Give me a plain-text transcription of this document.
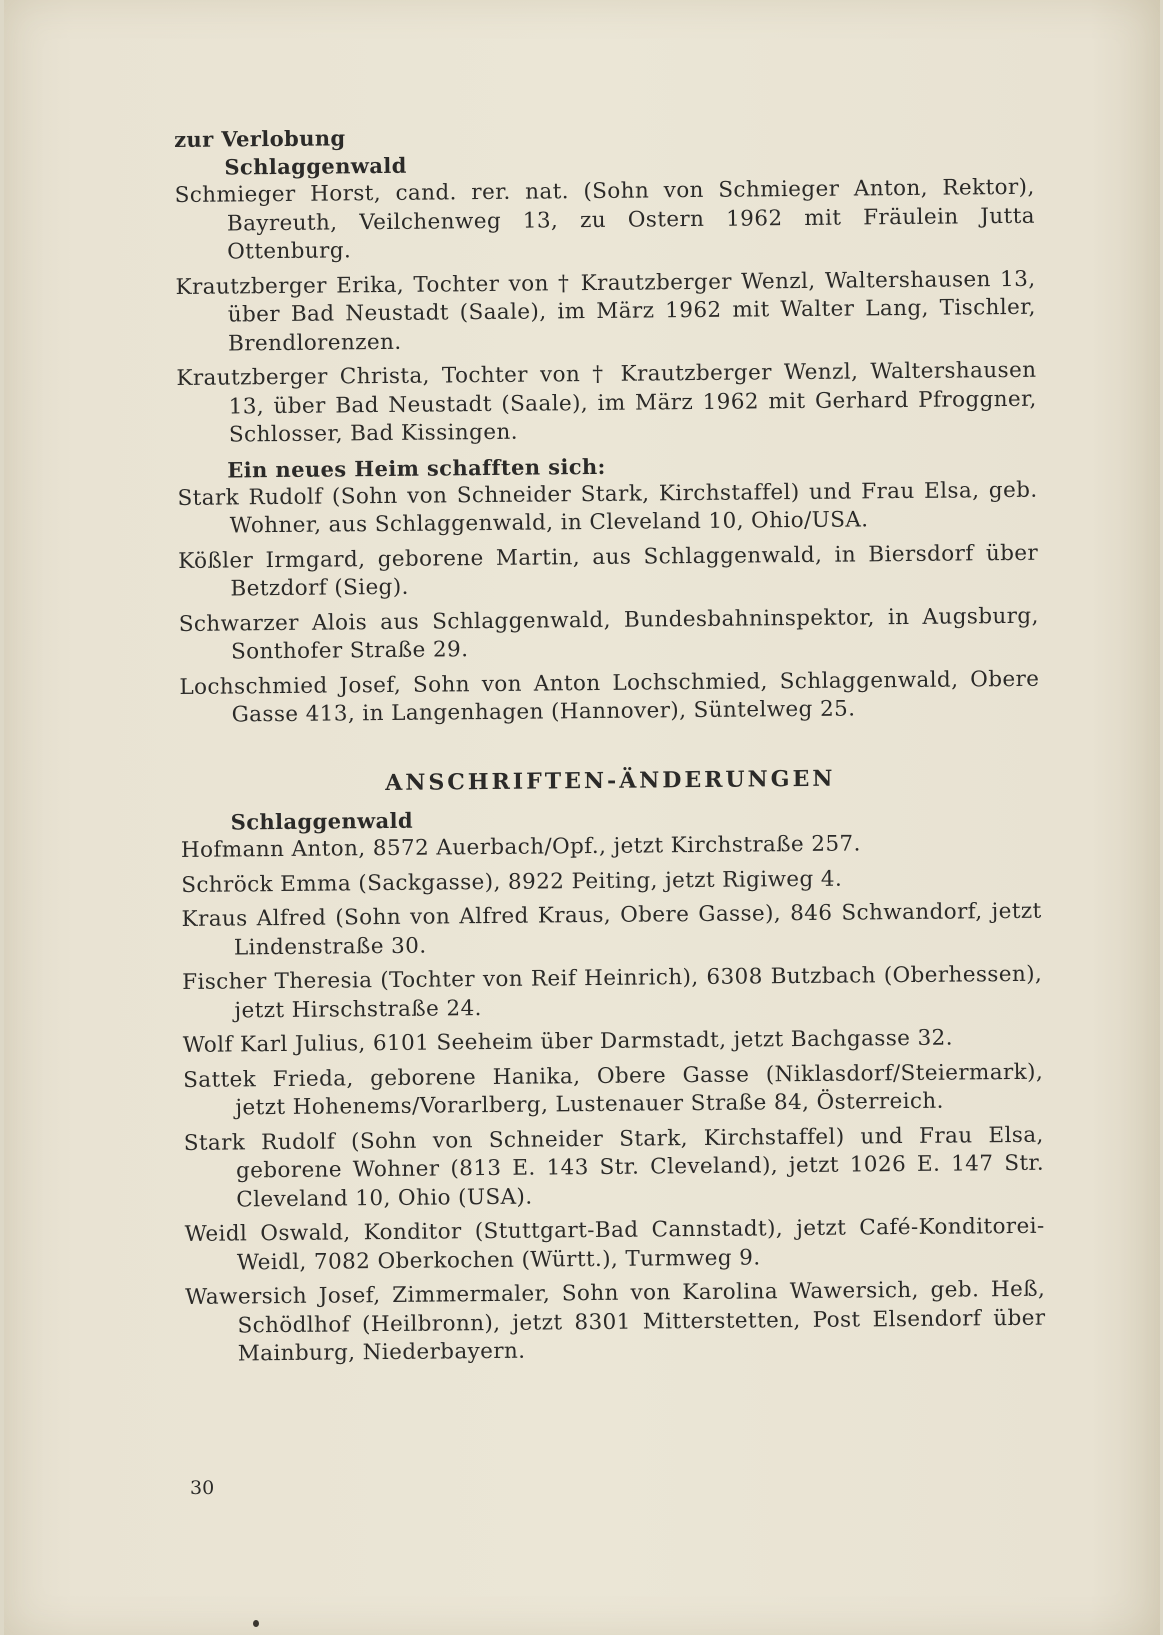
zur Verlobung
Schlaggenwald
Schmieger Horst, cand. rer. nat. (Sohn von Schmieger Anton, Rektor), Bayreuth, Veilchenweg 13, zu Ostern 1962 mit Fräulein Jutta Ottenburg.
Krautzberger Erika, Tochter von † Krautzberger Wenzl, Waltershausen 13, über Bad Neustadt (Saale), im März 1962 mit Walter Lang, Tischler, Brendlorenzen.
Krautzberger Christa, Tochter von † Krautzberger Wenzl, Waltershausen 13, über Bad Neustadt (Saale), im März 1962 mit Gerhard Pfroggner, Schlosser, Bad Kissingen.
Ein neues Heim schafften sich:
Stark Rudolf (Sohn von Schneider Stark, Kirchstaffel) und Frau Elsa, geb. Wohner, aus Schlaggenwald, in Cleveland 10, Ohio/USA.
Kößler Irmgard, geborene Martin, aus Schlaggenwald, in Biersdorf über Betzdorf (Sieg).
Schwarzer Alois aus Schlaggenwald, Bundesbahninspektor, in Augsburg, Sonthofer Straße 29.
Lochschmied Josef, Sohn von Anton Lochschmied, Schlaggenwald, Obere Gasse 413, in Langenhagen (Hannover), Süntelweg 25.
ANSCHRIFTEN-ÄNDERUNGEN
Schlaggenwald
Hofmann Anton, 8572 Auerbach/Opf., jetzt Kirchstraße 257.
Schröck Emma (Sackgasse), 8922 Peiting, jetzt Rigiweg 4.
Kraus Alfred (Sohn von Alfred Kraus, Obere Gasse), 846 Schwandorf, jetzt Lindenstraße 30.
Fischer Theresia (Tochter von Reif Heinrich), 6308 Butzbach (Oberhessen), jetzt Hirschstraße 24.
Wolf Karl Julius, 6101 Seeheim über Darmstadt, jetzt Bachgasse 32.
Sattek Frieda, geborene Hanika, Obere Gasse (Niklasdorf/Steiermark), jetzt Hohenems/Vorarlberg, Lustenauer Straße 84, Österreich.
Stark Rudolf (Sohn von Schneider Stark, Kirchstaffel) und Frau Elsa, geborene Wohner (813 E. 143 Str. Cleveland), jetzt 1026 E. 147 Str. Cleveland 10, Ohio (USA).
Weidl Oswald, Konditor (Stuttgart-Bad Cannstadt), jetzt Café-Konditorei-Weidl, 7082 Oberkochen (Württ.), Turmweg 9.
Wawersich Josef, Zimmermaler, Sohn von Karolina Wawersich, geb. Heß, Schödlhof (Heilbronn), jetzt 8301 Mitterstetten, Post Elsendorf über Mainburg, Niederbayern.
30
